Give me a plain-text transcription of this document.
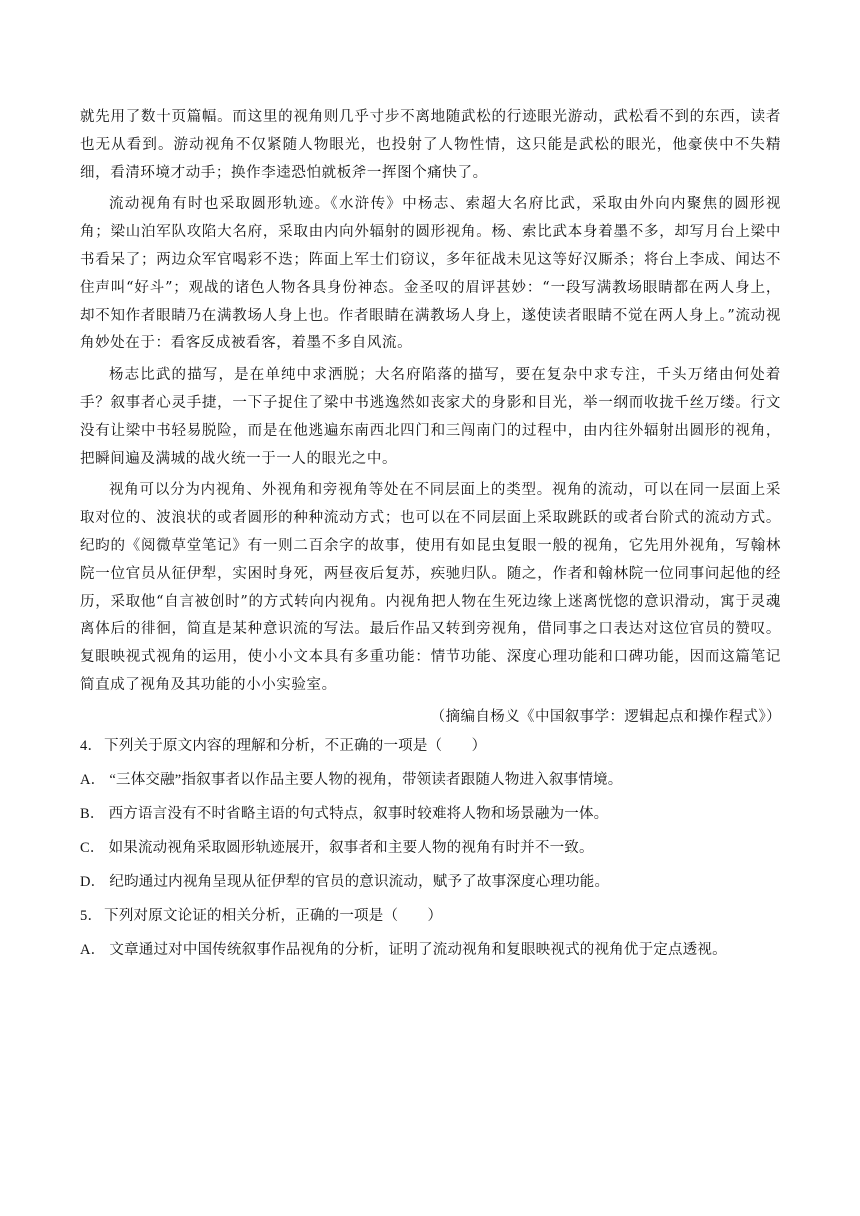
就先用了数十页篇幅。而这里的视角则几乎寸步不离地随武松的行迹眼光游动，武松看不到的东西，读者也无从看到。游动视角不仅紧随人物眼光，也投射了人物性情，这只能是武松的眼光，他豪侠中不失精细，看清环境才动手；换作李逵恐怕就板斧一挥图个痛快了。

流动视角有时也采取圆形轨迹。《水浒传》中杨志、索超大名府比武，采取由外向内聚焦的圆形视角；梁山泊军队攻陷大名府，采取由内向外辐射的圆形视角。杨、索比武本身着墨不多，却写月台上梁中书看呆了；两边众军官喝彩不迭；阵面上军士们窃议，多年征战未见这等好汉厮杀；将台上李成、闻达不住声叫“好斗”；观战的诸色人物各具身份神态。金圣叹的眉评甚妙：“一段写满教场眼睛都在两人身上，却不知作者眼睛乃在满教场人身上也。作者眼睛在满教场人身上，遂使读者眼睛不觉在两人身上。”流动视角妙处在于：看客反成被看客，着墨不多自风流。

杨志比武的描写，是在单纯中求洒脱；大名府陷落的描写，要在复杂中求专注，千头万绪由何处着手？叙事者心灵手捷，一下子捉住了梁中书逃逸然如丧家犬的身影和目光，举一纲而收拢千丝万缕。行文没有让梁中书轻易脱险，而是在他逃遍东南西北四门和三闯南门的过程中，由内往外辐射出圆形的视角，把瞬间遍及满城的战火统一于一人的眼光之中。

视角可以分为内视角、外视角和旁视角等处在不同层面上的类型。视角的流动，可以在同一层面上采取对位的、波浪状的或者圆形的种种流动方式；也可以在不同层面上采取跳跃的或者台阶式的流动方式。纪昀的《阅微草堂笔记》有一则二百余字的故事，使用有如昆虫复眼一般的视角，它先用外视角，写翰林院一位官员从征伊犁，实困时身死，两昼夜后复苏，疾驰归队。随之，作者和翰林院一位同事问起他的经历，采取他“自言被创时”的方式转向内视角。内视角把人物在生死边缘上迷离恍惚的意识滑动，寓于灵魂离体后的徘徊，简直是某种意识流的写法。最后作品又转到旁视角，借同事之口表达对这位官员的赞叹。复眼映视式视角的运用，使小小文本具有多重功能：情节功能、深度心理功能和口碑功能，因而这篇笔记简直成了视角及其功能的小小实验室。

（摘编自杨义《中国叙事学：逻辑起点和操作程式》）

4． 下列关于原文内容的理解和分析，不正确的一项是（　　）

A． “三体交融”指叙事者以作品主要人物的视角，带领读者跟随人物进入叙事情境。

B． 西方语言没有不时省略主语的句式特点，叙事时较难将人物和场景融为一体。

C． 如果流动视角采取圆形轨迹展开，叙事者和主要人物的视角有时并不一致。

D． 纪昀通过内视角呈现从征伊犁的官员的意识流动，赋予了故事深度心理功能。

5． 下列对原文论证的相关分析，正确的一项是（　　）

A． 文章通过对中国传统叙事作品视角的分析，证明了流动视角和复眼映视式的视角优于定点透视。
